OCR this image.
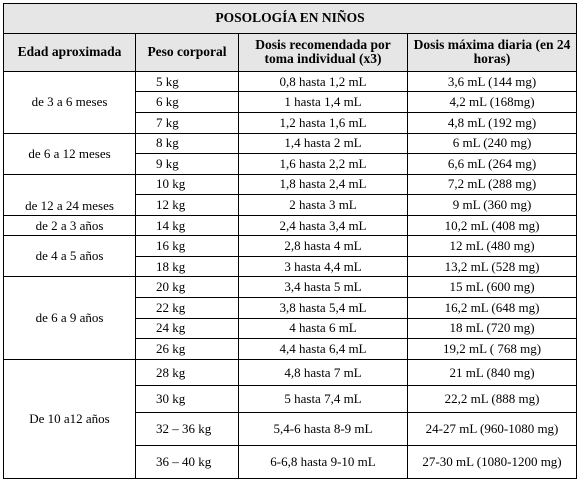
POSOLOGÍA EN NIÑOS			
Edad aproximada	Peso corporal	Dosis recomendada por toma individual (x3)	Dosis máxima diaria (en 24 horas)
de 3 a 6 meses	5 kg	0,8 hasta 1,2 mL	3,6 mL (144 mg)
	6 kg	1 hasta 1,4 mL	4,2 mL (168mg)
	7 kg	1,2 hasta 1,6 mL	4,8 mL (192 mg)
de 6 a 12 meses	8 kg	1,4 hasta 2 mL	6 mL (240 mg)
	9 kg	1,6 hasta 2,2 mL	6,6 mL (264 mg)
de 12 a 24 meses	10 kg	1,8 hasta 2,4 mL	7,2 mL (288 mg)
	12 kg	2 hasta 3 mL	9 mL (360 mg)
de 2 a 3 años	14 kg	2,4 hasta 3,4 mL	10,2 mL (408 mg)
de 4 a 5 años	16 kg	2,8 hasta 4 mL	12 mL (480 mg)
	18 kg	3 hasta 4,4 mL	13,2 mL (528 mg)
de 6 a 9 años	20 kg	3,4 hasta 5 mL	15 mL (600 mg)
	22 kg	3,8 hasta 5,4 mL	16,2 mL (648 mg)
	24 kg	4 hasta 6 mL	18 mL (720 mg)
	26 kg	4,4 hasta 6,4 mL	19,2 mL ( 768 mg)
De 10 a12 años	28 kg	4,8 hasta 7 mL	21 mL (840 mg)
	30 kg	5 hasta 7,4 mL	22,2 mL (888 mg)
	32 – 36 kg	5,4-6 hasta 8-9 mL	24-27 mL (960-1080 mg)
	36 – 40 kg	6-6,8 hasta 9-10 mL	27-30 mL (1080-1200 mg)
